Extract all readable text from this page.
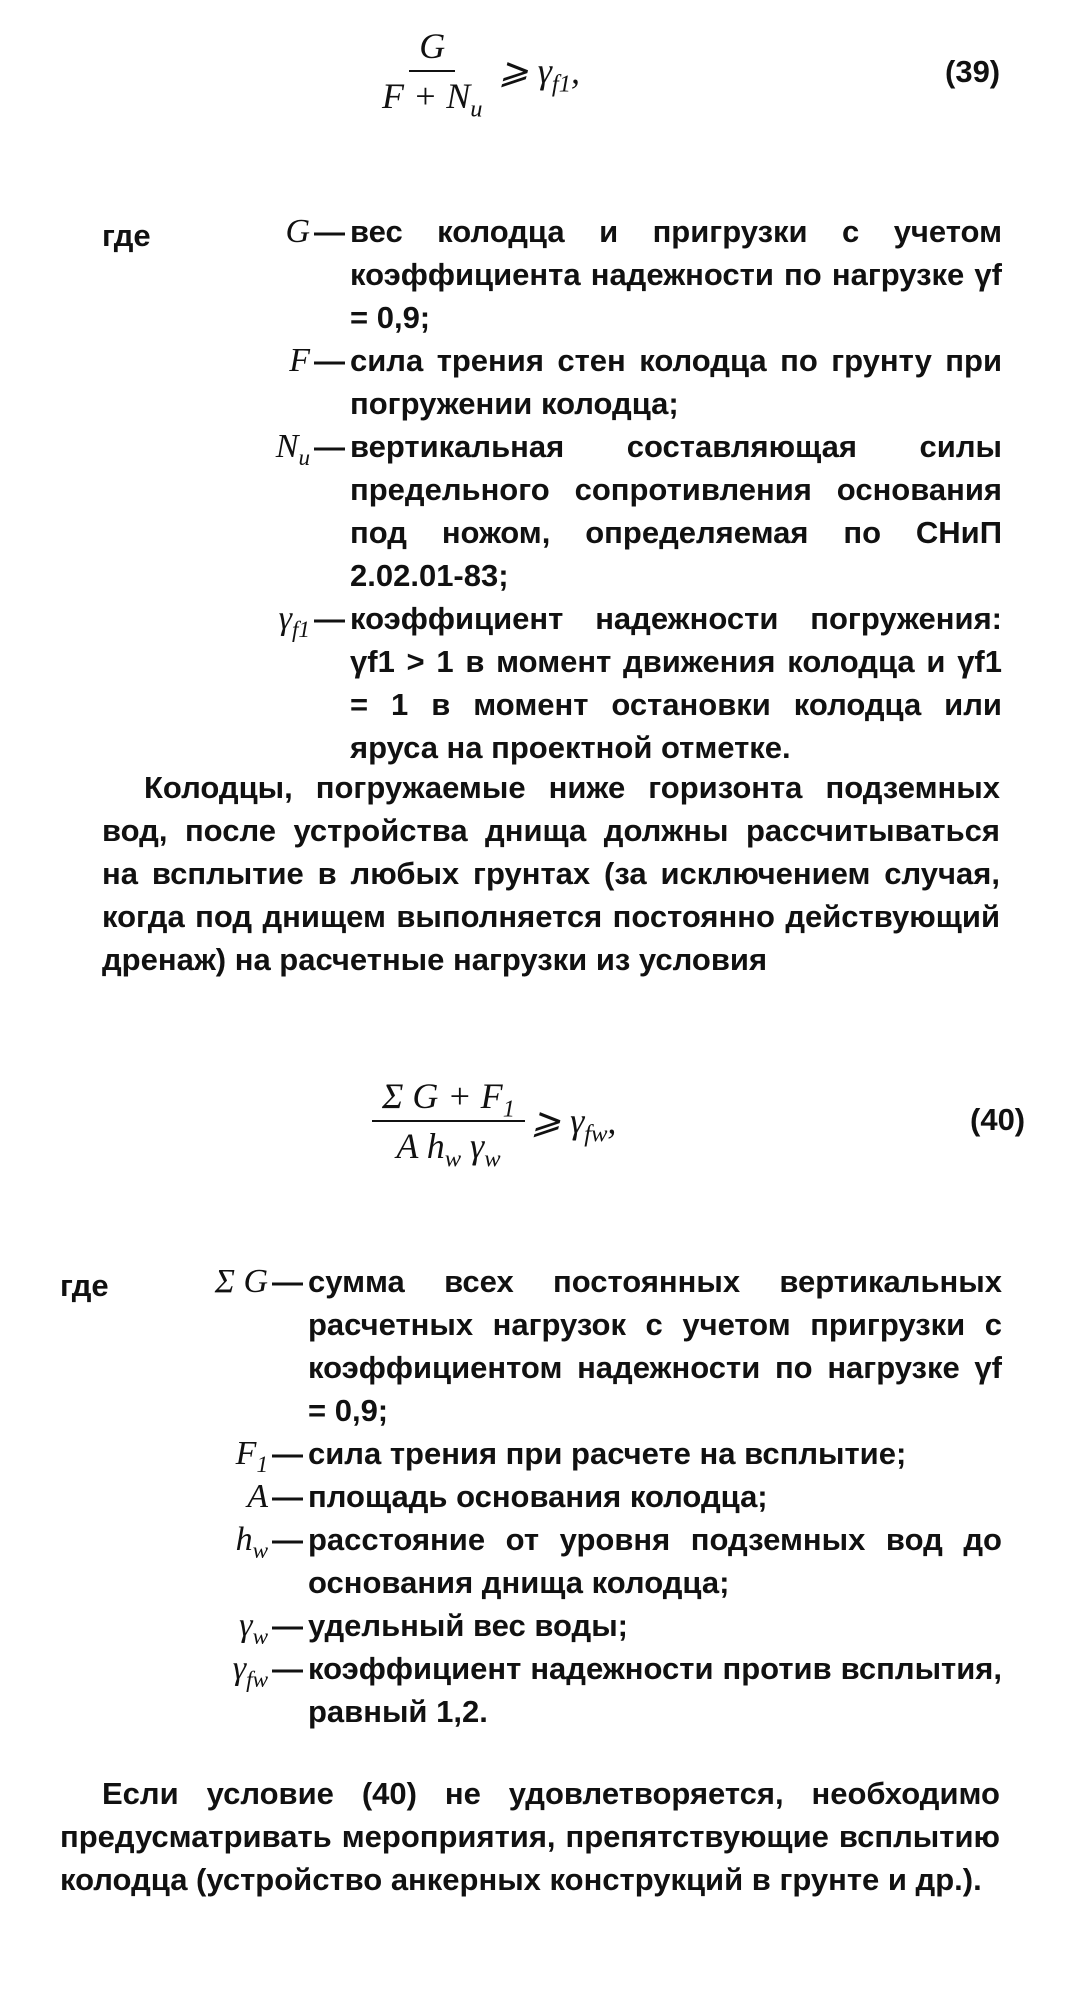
$\frac{G}{F + N_u}$ ⩾ $\gamma_{f1}$,	(39)
где	G — вес колодца и пригрузки с учетом коэффициента надежности по нагрузке γf = 0,9;
F — сила трения стен колодца по грунту при погружении колодца;
$N_u$ — вертикальная составляющая силы предельного сопротивления основания под ножом, определяемая по СНиП 2.02.01-83;
$\gamma_{f1}$ — коэффициент надежности погружения: γf1 > 1 в момент движения колодца и γf1 = 1 в момент остановки колодца или яруса на проектной отметке.
Колодцы, погружаемые ниже горизонта подземных вод, после устройства днища должны рассчитываться на всплытие в любых грунтах (за исключением случая, когда под днищем выполняется постоянно действующий дренаж) на расчетные нагрузки из условия
$\frac{\Sigma G + F_1}{A h_w \gamma_w}$ ⩾ $\gamma_{fw}$,	(40)
где	Σ G — сумма всех постоянных вертикальных расчетных нагрузок с учетом пригрузки с коэффициентом надежности по нагрузке γf = 0,9;
$F_1$ — сила трения при расчете на всплытие;
A — площадь основания колодца;
$h_w$ — расстояние от уровня подземных вод до основания днища колодца;
$\gamma_w$ — удельный вес воды;
$\gamma_{fw}$ — коэффициент надежности против всплытия, равный 1,2.
Если условие (40) не удовлетворяется, необходимо предусматривать мероприятия, препятствующие всплытию колодца (устройство анкерных конструкций в грунте и др.).
